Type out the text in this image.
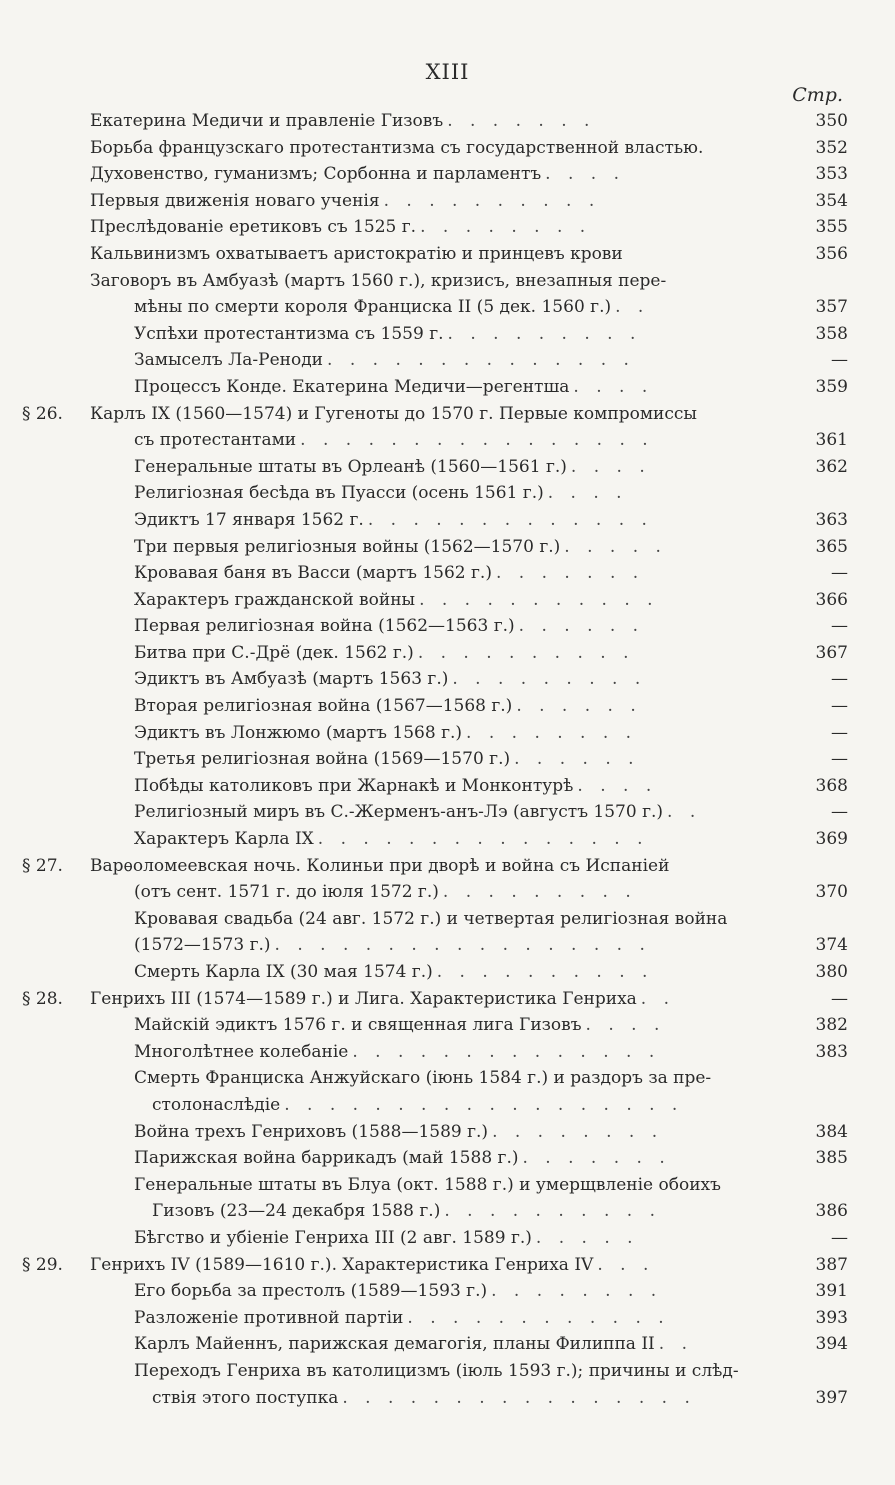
XIII
Стр.
Екатерина Медичи и правленіе Гизовъ . . . . . . .	350
Борьба французскаго протестантизма съ государственной властью.	352
Духовенство, гуманизмъ; Сорбонна и парламентъ . . . .	353
Первыя движенія новаго ученія . . . . . . . . . .	354
Преслѣдованіе еретиковъ съ 1525 г. . . . . . . . .	355
Кальвинизмъ охватываетъ аристократію и принцевъ крови	356
Заговоръ въ Амбуазѣ (мартъ 1560 г.), кризисъ, внезапныя пере-
мѣны по смерти короля Франциска II (5 дек. 1560 г.) . .	357
Успѣхи протестантизма съ 1559 г. . . . . . . . . .	358
Замыселъ Ла-Реноди . . . . . . . . . . . . . .	—
Процессъ Конде. Екатерина Медичи—регентша . . . .	359
§ 26. Карлъ IX (1560—1574) и Гугеноты до 1570 г. Первые компромиссы
съ протестантами . . . . . . . . . . . . . . . .	361
Генеральные штаты въ Орлеанѣ (1560—1561 г.) . . . .	362
Религіозная бесѣда въ Пуасси (осень 1561 г.) . . . .
Эдиктъ 17 января 1562 г. . . . . . . . . . . . . .	363
Три первыя религіозныя войны (1562—1570 г.) . . . . .	365
Кровавая баня въ Васси (мартъ 1562 г.) . . . . . . .	—
Характеръ гражданской войны . . . . . . . . . . .	366
Первая религіозная война (1562—1563 г.) . . . . . .	—
Битва при С.-Дрё (дек. 1562 г.) . . . . . . . . . .	367
Эдиктъ въ Амбуазѣ (мартъ 1563 г.) . . . . . . . . .	—
Вторая религіозная война (1567—1568 г.) . . . . . .	—
Эдиктъ въ Лонжюмо (мартъ 1568 г.) . . . . . . . .	—
Третья религіозная война (1569—1570 г.) . . . . . .	—
Побѣды католиковъ при Жарнакѣ и Монконтурѣ . . . .	368
Религіозный миръ въ С.-Жерменъ-анъ-Лэ (августъ 1570 г.) . .	—
Характеръ Карла IX . . . . . . . . . . . . . . .	369
§ 27. Варѳоломеевская ночь. Колиньи при дворѣ и война съ Испаніей
(отъ сент. 1571 г. до іюля 1572 г.) . . . . . . . . .	370
Кровавая свадьба (24 авг. 1572 г.) и четвертая религіозная война
(1572—1573 г.) . . . . . . . . . . . . . . . . .	374
Смерть Карла IX (30 мая 1574 г.) . . . . . . . . . .	380
§ 28. Генрихъ III (1574—1589 г.) и Лига. Характеристика Генриха . .	—
Майскій эдиктъ 1576 г. и священная лига Гизовъ . . . .	382
Многолѣтнее колебаніе . . . . . . . . . . . . . .	383
Смерть Франциска Анжуйскаго (іюнь 1584 г.) и раздоръ за пре-
столонаслѣдіе . . . . . . . . . . . . . . . . . .
Война трехъ Генриховъ (1588—1589 г.) . . . . . . . .	384
Парижская война баррикадъ (май 1588 г.) . . . . . . .	385
Генеральные штаты въ Блуа (окт. 1588 г.) и умерщвленіе обоихъ
Гизовъ (23—24 декабря 1588 г.) . . . . . . . . . .	386
Бѣгство и убіеніе Генриха III (2 авг. 1589 г.) . . . . .	—
§ 29. Генрихъ IV (1589—1610 г.). Характеристика Генриха IV . . .	387
Его борьба за престолъ (1589—1593 г.) . . . . . . . .	391
Разложеніе противной партіи . . . . . . . . . . . .	393
Карлъ Майеннъ, парижская демагогія, планы Филиппа II . .	394
Переходъ Генриха въ католицизмъ (іюль 1593 г.); причины и слѣд-
ствія этого поступка . . . . . . . . . . . . . . . .	397
